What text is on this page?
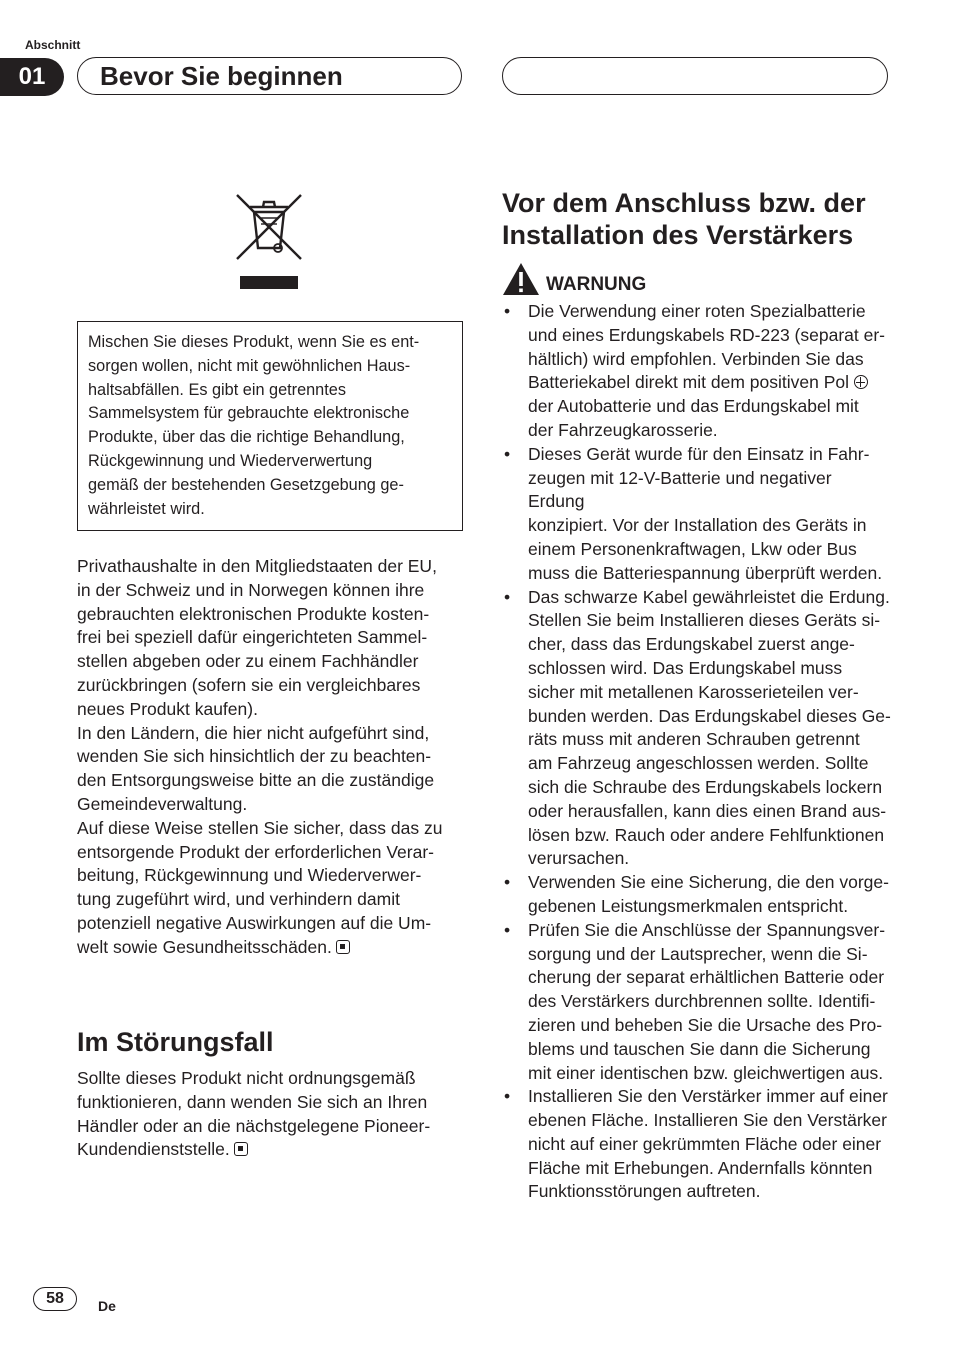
Abschnitt
01	Bevor Sie beginnen
Mischen Sie dieses Produkt, wenn Sie es ent-
sorgen wollen, nicht mit gewöhnlichen Haus-
haltsabfällen. Es gibt ein getrenntes
Sammelsystem für gebrauchte elektronische
Produkte, über das die richtige Behandlung,
Rückgewinnung und Wiederverwertung
gemäß der bestehenden Gesetzgebung ge-
währleistet wird.

Privathaushalte in den Mitgliedstaaten der EU,
in der Schweiz und in Norwegen können ihre
gebrauchten elektronischen Produkte kosten-
frei bei speziell dafür eingerichteten Sammel-
stellen abgeben oder zu einem Fachhändler
zurückbringen (sofern sie ein vergleichbares
neues Produkt kaufen).

In den Ländern, die hier nicht aufgeführt sind,
wenden Sie sich hinsichtlich der zu beachten-
den Entsorgungsweise bitte an die zuständige
Gemeindeverwaltung.

Auf diese Weise stellen Sie sicher, dass das zu
entsorgende Produkt der erforderlichen Verar-
beitung, Rückgewinnung und Wiederverwer-
tung zugeführt wird, und verhindern damit
potenziell negative Auswirkungen auf die Um-
welt sowie Gesundheitsschäden.

Im Störungsfall
Sollte dieses Produkt nicht ordnungsgemäß
funktionieren, dann wenden Sie sich an Ihren
Händler oder an die nächstgelegene Pioneer-
Kundendienststelle.
Vor dem Anschluss bzw. der
Installation des Verstärkers
WARNUNG
• Die Verwendung einer roten Spezialbatterie
und eines Erdungskabels RD-223 (separat er-
hältlich) wird empfohlen. Verbinden Sie das
Batteriekabel direkt mit dem positiven Pol
der Autobatterie und das Erdungskabel mit
der Fahrzeugkarosserie.
• Dieses Gerät wurde für den Einsatz in Fahr-
zeugen mit 12-V-Batterie und negativer Erdung
konzipiert. Vor der Installation des Geräts in
einem Personenkraftwagen, Lkw oder Bus
muss die Batteriespannung überprüft werden.
• Das schwarze Kabel gewährleistet die Erdung.
Stellen Sie beim Installieren dieses Geräts si-
cher, dass das Erdungskabel zuerst ange-
schlossen wird. Das Erdungskabel muss
sicher mit metallenen Karosserieteilen ver-
bunden werden. Das Erdungskabel dieses Ge-
räts muss mit anderen Schrauben getrennt
am Fahrzeug angeschlossen werden. Sollte
sich die Schraube des Erdungskabels lockern
oder herausfallen, kann dies einen Brand aus-
lösen bzw. Rauch oder andere Fehlfunktionen
verursachen.
• Verwenden Sie eine Sicherung, die den vorge-
gebenen Leistungsmerkmalen entspricht.
• Prüfen Sie die Anschlüsse der Spannungsver-
sorgung und der Lautsprecher, wenn die Si-
cherung der separat erhältlichen Batterie oder
des Verstärkers durchbrennen sollte. Identifi-
zieren und beheben Sie die Ursache des Pro-
blems und tauschen Sie dann die Sicherung
mit einer identischen bzw. gleichwertigen aus.
• Installieren Sie den Verstärker immer auf einer
ebenen Fläche. Installieren Sie den Verstärker
nicht auf einer gekrümmten Fläche oder einer
Fläche mit Erhebungen. Andernfalls könnten
Funktionsstörungen auftreten.
58	De
